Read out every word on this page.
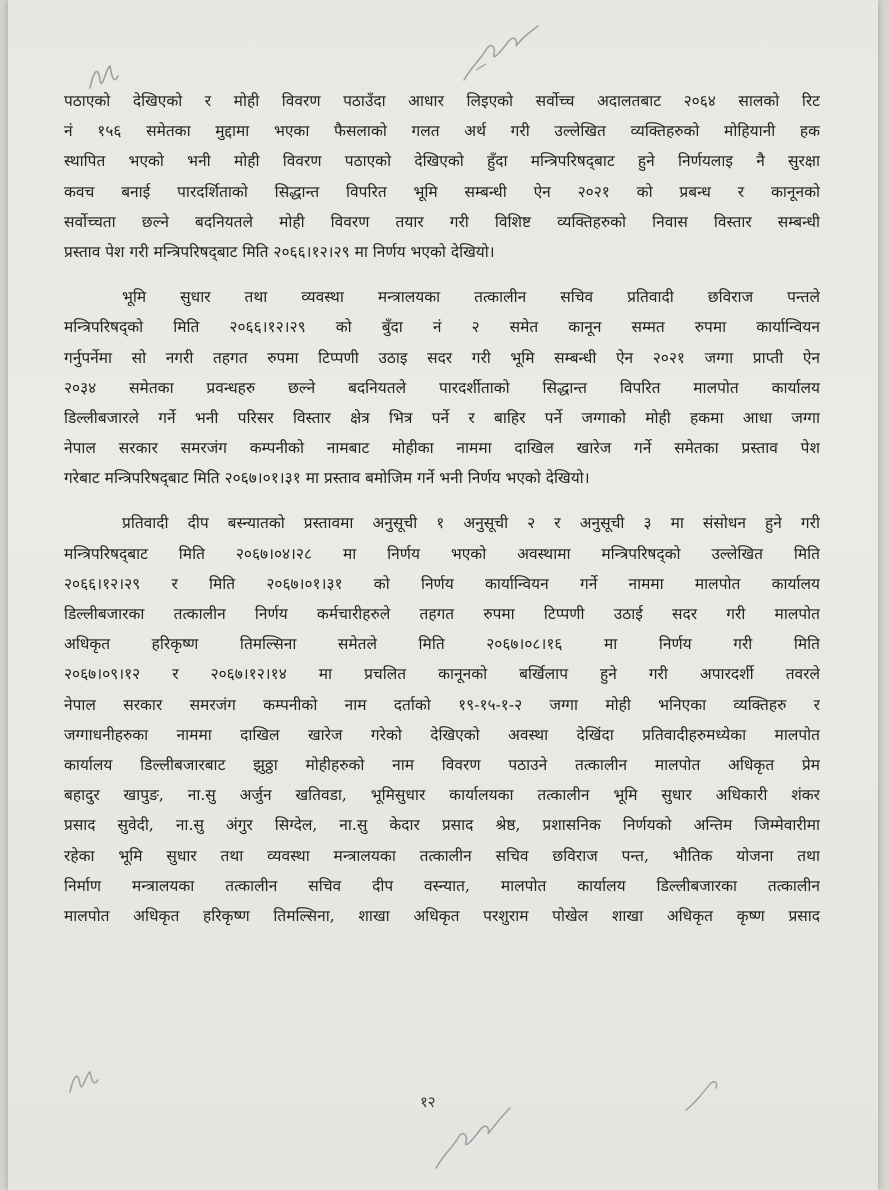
पठाएको देखिएको र मोही विवरण पठाउँदा आधार लिइएको सर्वोच्च अदालतबाट २०६४ सालको रिट
नं १५६ समेतका मुद्दामा भएका फैसलाको गलत अर्थ गरी उल्लेखित व्यक्तिहरुको मोहियानी हक
स्थापित भएको भनी मोही विवरण पठाएको देखिएको हुँदा मन्त्रिपरिषद्‌बाट हुने निर्णयलाइ नै सुरक्षा
कवच बनाई पारदर्शिताको सिद्धान्त विपरित भूमि सम्बन्धी ऐन २०२१ को प्रबन्ध र कानूनको
सर्वोच्चता छल्ने बदनियतले मोही विवरण तयार गरी विशिष्ट व्यक्तिहरुको निवास विस्तार सम्बन्धी
प्रस्ताव पेश गरी मन्त्रिपरिषद्‌बाट मिति २०६६।१२।२९ मा निर्णय भएको देखियो।
भूमि सुधार तथा व्यवस्था मन्त्रालयका तत्कालीन सचिव प्रतिवादी छविराज पन्तले
मन्त्रिपरिषद्‌को मिति २०६६।१२।२९ को बुँदा नं २ समेत कानून सम्मत रुपमा कार्यान्वियन
गर्नुपर्नेमा सो नगरी तहगत रुपमा टिप्पणी उठाइ सदर गरी भूमि सम्बन्धी ऐन २०२१ जग्गा प्राप्ती ऐन
२०३४ समेतका प्रवन्धहरु छल्ने बदनियतले पारदर्शीताको सिद्धान्त विपरित मालपोत कार्यालय
डिल्लीबजारले गर्ने भनी परिसर विस्तार क्षेत्र भित्र पर्ने र बाहिर पर्ने जग्गाको मोही हकमा आधा जग्गा
नेपाल सरकार समरजंग कम्पनीको नामबाट मोहीका नाममा दाखिल खारेज गर्ने समेतका प्रस्ताव पेश
गरेबाट मन्त्रिपरिषद्‌बाट मिति २०६७।०१।३१ मा प्रस्ताव बमोजिम गर्ने भनी निर्णय भएको देखियो।
प्रतिवादी दीप बस्न्यातको प्रस्तावमा अनुसूची १ अनुसूची २ र अनुसूची ३ मा संसोधन हुने गरी
मन्त्रिपरिषद्‌बाट मिति २०६७।०४।२८ मा निर्णय भएको अवस्थामा मन्त्रिपरिषद्‌को उल्लेखित मिति
२०६६।१२।२९ र मिति २०६७।०१।३१ को निर्णय कार्यान्वियन गर्ने नाममा मालपोत कार्यालय
डिल्लीबजारका तत्कालीन निर्णय कर्मचारीहरुले तहगत रुपमा टिप्पणी उठाई सदर गरी मालपोत
अधिकृत हरिकृष्ण तिमल्सिना समेतले मिति २०६७।०८।१६ मा निर्णय गरी मिति
२०६७।०९।१२ र २०६७।१२।१४ मा प्रचलित कानूनको बर्खिलाप हुने गरी अपारदर्शी तवरले
नेपाल सरकार समरजंग कम्पनीको नाम दर्ताको १९-१५-१-२ जग्गा मोही भनिएका व्यक्तिहरु र
जग्गाधनीहरुका नाममा दाखिल खारेज गरेको देखिएको अवस्था देखिंदा प्रतिवादीहरुमध्येका मालपोत
कार्यालय डिल्लीबजारबाट झुठ्ठा मोहीहरुको नाम विवरण पठाउने तत्कालीन मालपोत अधिकृत प्रेम
बहादुर खापुङ, ना.सु अर्जुन खतिवडा, भूमिसुधार कार्यालयका तत्कालीन भूमि सुधार अधिकारी शंकर
प्रसाद सुवेदी, ना.सु अंगुर सिग्देल, ना.सु केदार प्रसाद श्रेष्ठ, प्रशासनिक निर्णयको अन्तिम जिम्मेवारीमा
रहेका भूमि सुधार तथा व्यवस्था मन्त्रालयका तत्कालीन सचिव छविराज पन्त, भौतिक योजना तथा
निर्माण मन्त्रालयका तत्कालीन सचिव दीप वस्न्यात, मालपोत कार्यालय डिल्लीबजारका तत्कालीन
मालपोत अधिकृत हरिकृष्ण तिमल्सिना, शाखा अधिकृत परशुराम पोखेल शाखा अधिकृत कृष्ण प्रसाद
१२
